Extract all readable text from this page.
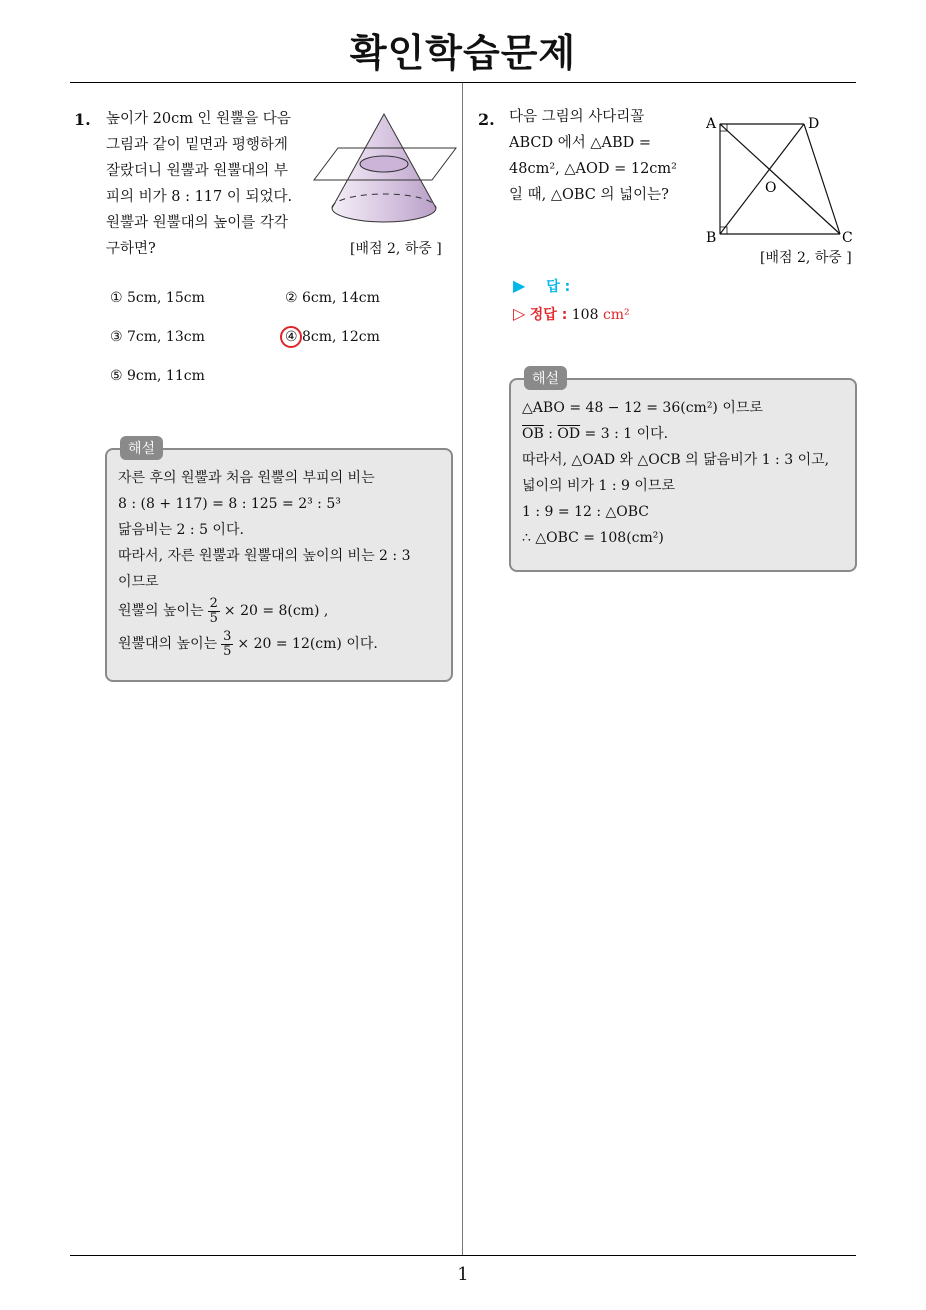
확인학습문제
1. 높이가 20cm 인 원뿔을 다음
그림과 같이 밑면과 평행하게
잘랐더니 원뿔과 원뿔대의 부
피의 비가 8 : 117 이 되었다.
원뿔과 원뿔대의 높이를 각각
구하면?	[배점 2, 하중 ]
① 5cm, 15cm	② 6cm, 14cm
③ 7cm, 13cm	④ 8cm, 12cm
⑤ 9cm, 11cm
해설
자른 후의 원뿔과 처음 원뿔의 부피의 비는
8 : (8 + 117) = 8 : 125 = 2³ : 5³
닮음비는 2 : 5 이다.
따라서, 자른 원뿔과 원뿔대의 높이의 비는 2 : 3
이므로
원뿔의 높이는 $\frac{2}{5} \times 20 = 8(cm)$ ,
원뿔대의 높이는 $\frac{3}{5} \times 20 = 12(cm)$ 이다.
2. 다음 그림의 사다리꼴
ABCD 에서 △ABD =
48cm², △AOD = 12cm²
일 때, △OBC 의 넓이는?
A	D
B	C
O
[배점 2, 하중 ]
▶ 답 :
▷ 정답 : 108 cm²
해설
△ABO = 48 − 12 = 36(cm²) 이므로
$\overline{OB}$ : $\overline{OD} = 3$ : 1 이다.
따라서, △OAD 와 △OCB 의 닮음비가 1 : 3 이고,
넓이의 비가 1 : 9 이므로
1 : 9 = 12 : △OBC
∴ △OBC = 108(cm²)
1
